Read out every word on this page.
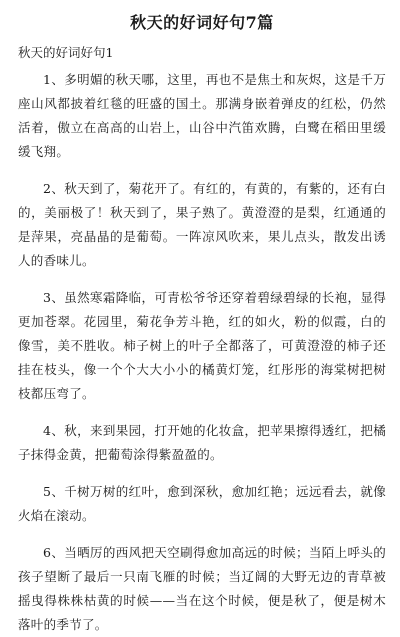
秋天的好词好句7篇
秋天的好词好句1

1、多明媚的秋天哪，这里，再也不是焦土和灰烬，这是千万座山风都披着红毯的旺盛的国土。那满身嵌着弹皮的红松，仍然活着，傲立在高高的山岩上，山谷中汽笛欢腾，白鹭在稻田里缓缓飞翔。

2、秋天到了，菊花开了。有红的，有黄的，有紫的，还有白的，美丽极了！秋天到了，果子熟了。黄澄澄的是梨，红通通的是萍果，亮晶晶的是葡萄。一阵凉风吹来，果儿点头，散发出诱人的香味儿。

3、虽然寒霜降临，可青松爷爷还穿着碧绿碧绿的长袍，显得更加苍翠。花园里，菊花争芳斗艳，红的如火，粉的似霞，白的像雪，美不胜收。柿子树上的叶子全都落了，可黄澄澄的柿子还挂在枝头，像一个个大大小小的橘黄灯笼，红彤彤的海棠树把树枝都压弯了。

4、秋，来到果园，打开她的化妆盒，把苹果擦得透红，把橘子抹得金黄，把葡萄涂得紫盈盈的。

5、千树万树的红叶，愈到深秋，愈加红艳；远远看去，就像火焰在滚动。

6、当晒厉的西风把天空刷得愈加高远的时候；当陌上呼头的孩子望断了最后一只南飞雁的时候；当辽阔的大野无边的青草被摇曳得株株枯黄的时候——当在这个时候，便是秋了，便是树木落叶的季节了。
